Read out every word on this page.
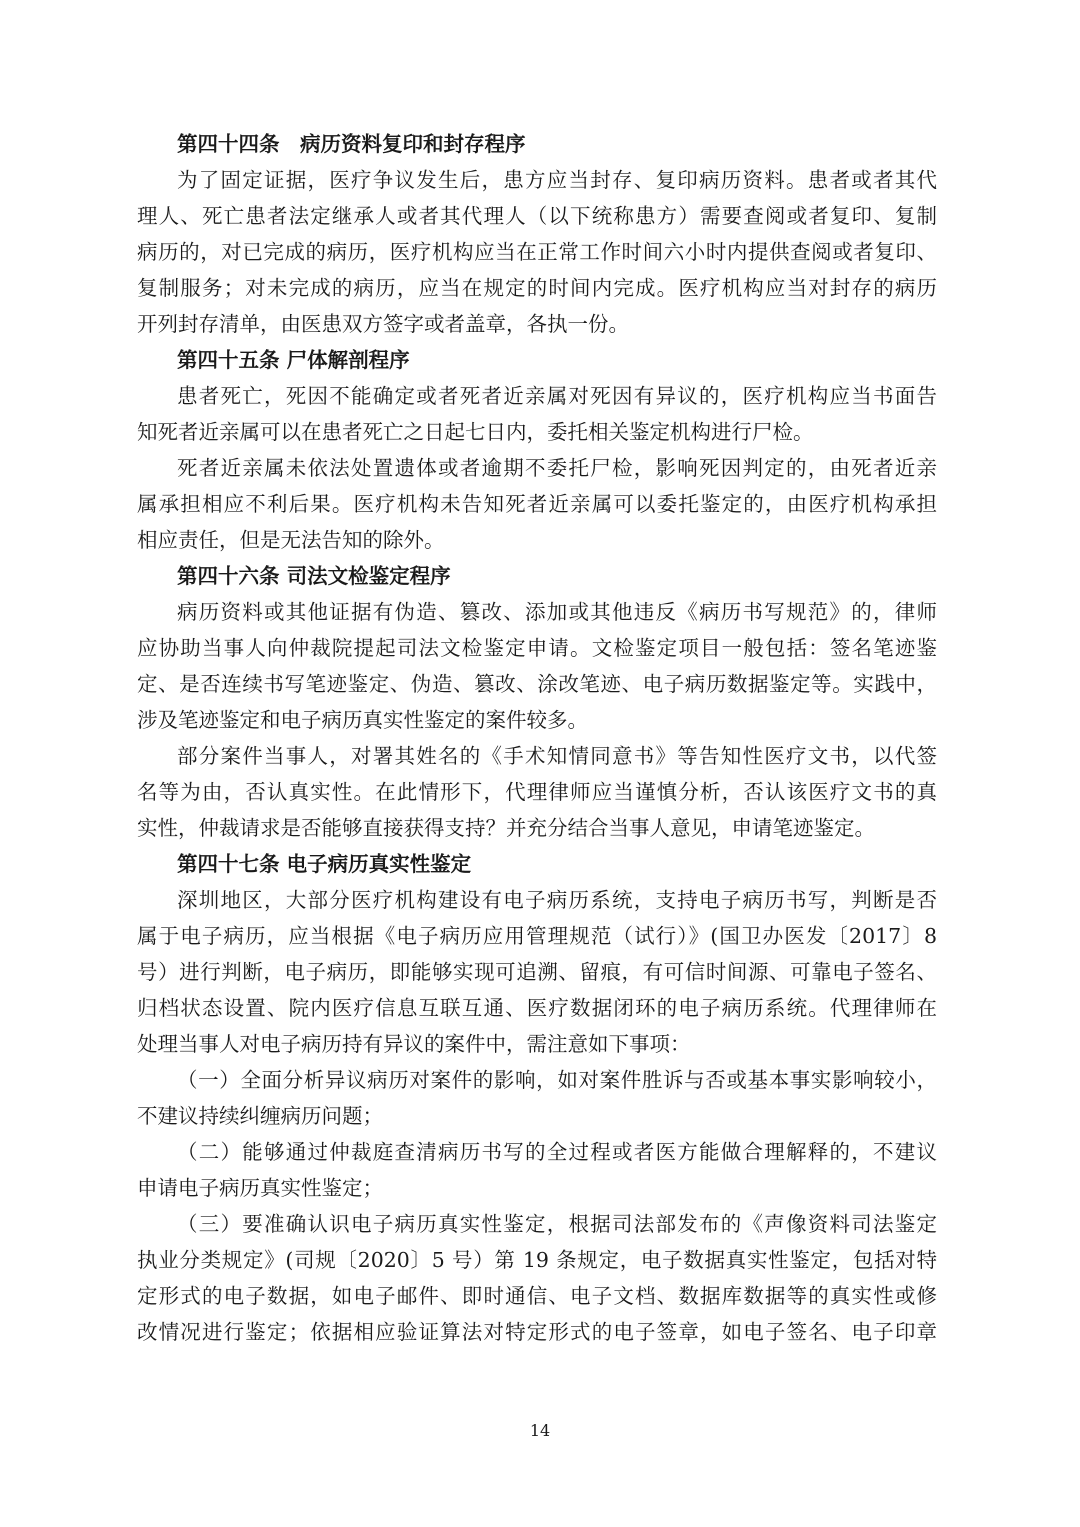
第四十四条　病历资料复印和封存程序
为了固定证据，医疗争议发生后，患方应当封存、复印病历资料。患者或者其代
理人、死亡患者法定继承人或者其代理人（以下统称患方）需要查阅或者复印、复制
病历的，对已完成的病历，医疗机构应当在正常工作时间六小时内提供查阅或者复印、
复制服务；对未完成的病历，应当在规定的时间内完成。医疗机构应当对封存的病历
开列封存清单，由医患双方签字或者盖章，各执一份。
第四十五条 尸体解剖程序
患者死亡，死因不能确定或者死者近亲属对死因有异议的，医疗机构应当书面告
知死者近亲属可以在患者死亡之日起七日内，委托相关鉴定机构进行尸检。
死者近亲属未依法处置遗体或者逾期不委托尸检，影响死因判定的，由死者近亲
属承担相应不利后果。医疗机构未告知死者近亲属可以委托鉴定的，由医疗机构承担
相应责任，但是无法告知的除外。
第四十六条 司法文检鉴定程序
病历资料或其他证据有伪造、篡改、添加或其他违反《病历书写规范》的，律师
应协助当事人向仲裁院提起司法文检鉴定申请。文检鉴定项目一般包括：签名笔迹鉴
定、是否连续书写笔迹鉴定、伪造、篡改、涂改笔迹、电子病历数据鉴定等。实践中，
涉及笔迹鉴定和电子病历真实性鉴定的案件较多。
部分案件当事人，对署其姓名的《手术知情同意书》等告知性医疗文书，以代签
名等为由，否认真实性。在此情形下，代理律师应当谨慎分析，否认该医疗文书的真
实性，仲裁请求是否能够直接获得支持？并充分结合当事人意见，申请笔迹鉴定。
第四十七条 电子病历真实性鉴定
深圳地区，大部分医疗机构建设有电子病历系统，支持电子病历书写，判断是否
属于电子病历，应当根据《电子病历应用管理规范（试行）》(国卫办医发〔2017〕8
号）进行判断，电子病历，即能够实现可追溯、留痕，有可信时间源、可靠电子签名、
归档状态设置、院内医疗信息互联互通、医疗数据闭环的电子病历系统。代理律师在
处理当事人对电子病历持有异议的案件中，需注意如下事项：
（一）全面分析异议病历对案件的影响，如对案件胜诉与否或基本事实影响较小，
不建议持续纠缠病历问题；
（二）能够通过仲裁庭查清病历书写的全过程或者医方能做合理解释的，不建议
申请电子病历真实性鉴定；
（三）要准确认识电子病历真实性鉴定，根据司法部发布的《声像资料司法鉴定
执业分类规定》(司规〔2020〕5 号）第 19 条规定，电子数据真实性鉴定，包括对特
定形式的电子数据，如电子邮件、即时通信、电子文档、数据库数据等的真实性或修
改情况进行鉴定；依据相应验证算法对特定形式的电子签章，如电子签名、电子印章
14
